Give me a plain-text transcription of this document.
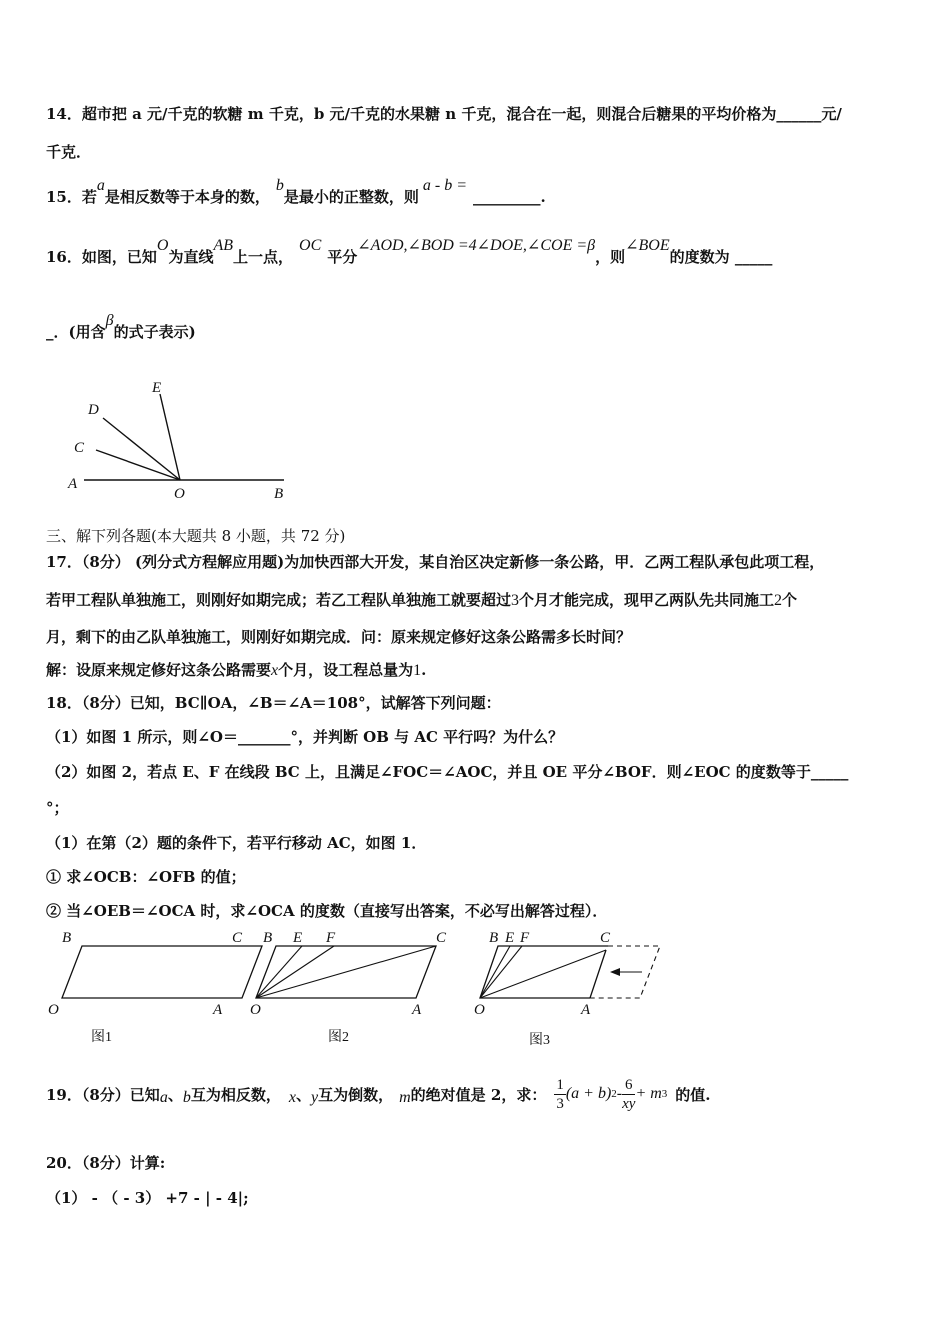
14．超市把 a 元/千克的软糖 m 千克，b 元/千克的水果糖 n 千克，混合在一起，则混合后糖果的平均价格为______元/
千克．
15．若a是相反数等于本身的数，b是最小的正整数，则a - b =_________.
16．如图，已知O为直线AB上一点，OC平分∠AOD,∠BOD =4∠DOE,∠COE =β，则∠BOE的度数为 _____
_．(用含β的式子表示)
A
O	B
C
D
E
三、解下列各题(本大题共 8 小题，共 72 分)
17．（8分） (列分式方程解应用题)为加快西部大开发，某自治区决定新修一条公路，甲．乙两工程队承包此项工程，
若甲工程队单独施工，则刚好如期完成；若乙工程队单独施工就要超过3个月才能完成，现甲乙两队先共同施工2个
月，剩下的由乙队单独施工，则刚好如期完成．问：原来规定修好这条公路需多长时间？
解：设原来规定修好这条公路需要x个月，设工程总量为1.
18．（8分）已知，BC∥OA，∠B＝∠A＝108°，试解答下列问题：
（1）如图 1 所示，则∠O＝_______°，并判断 OB 与 AC 平行吗？为什么？
（2）如图 2，若点 E、F 在线段 BC 上，且满足∠FOC＝∠AOC，并且 OE 平分∠BOF．则∠EOC 的度数等于_____
°；
（1）在第（2）题的条件下，若平行移动 AC，如图 1．
① 求∠OCB：∠OFB 的值；
② 当∠OEB＝∠OCA 时，求∠OCA 的度数（直接写出答案，不必写出解答过程）．
B	C
O	A
B E F	C
O	A
B E F	C
O	A
图1	图2	图3
19．（8分）已知 a 、 b 互为相反数， x 、 y 互为倒数， m 的绝对值是 2，求： $\frac{1}{3} (a + b)$ $2 - \frac{6}{xy} + m$ 3 的值.
20．（8分）计算:
（1） - （ - 3） +7 - | - 4|;
